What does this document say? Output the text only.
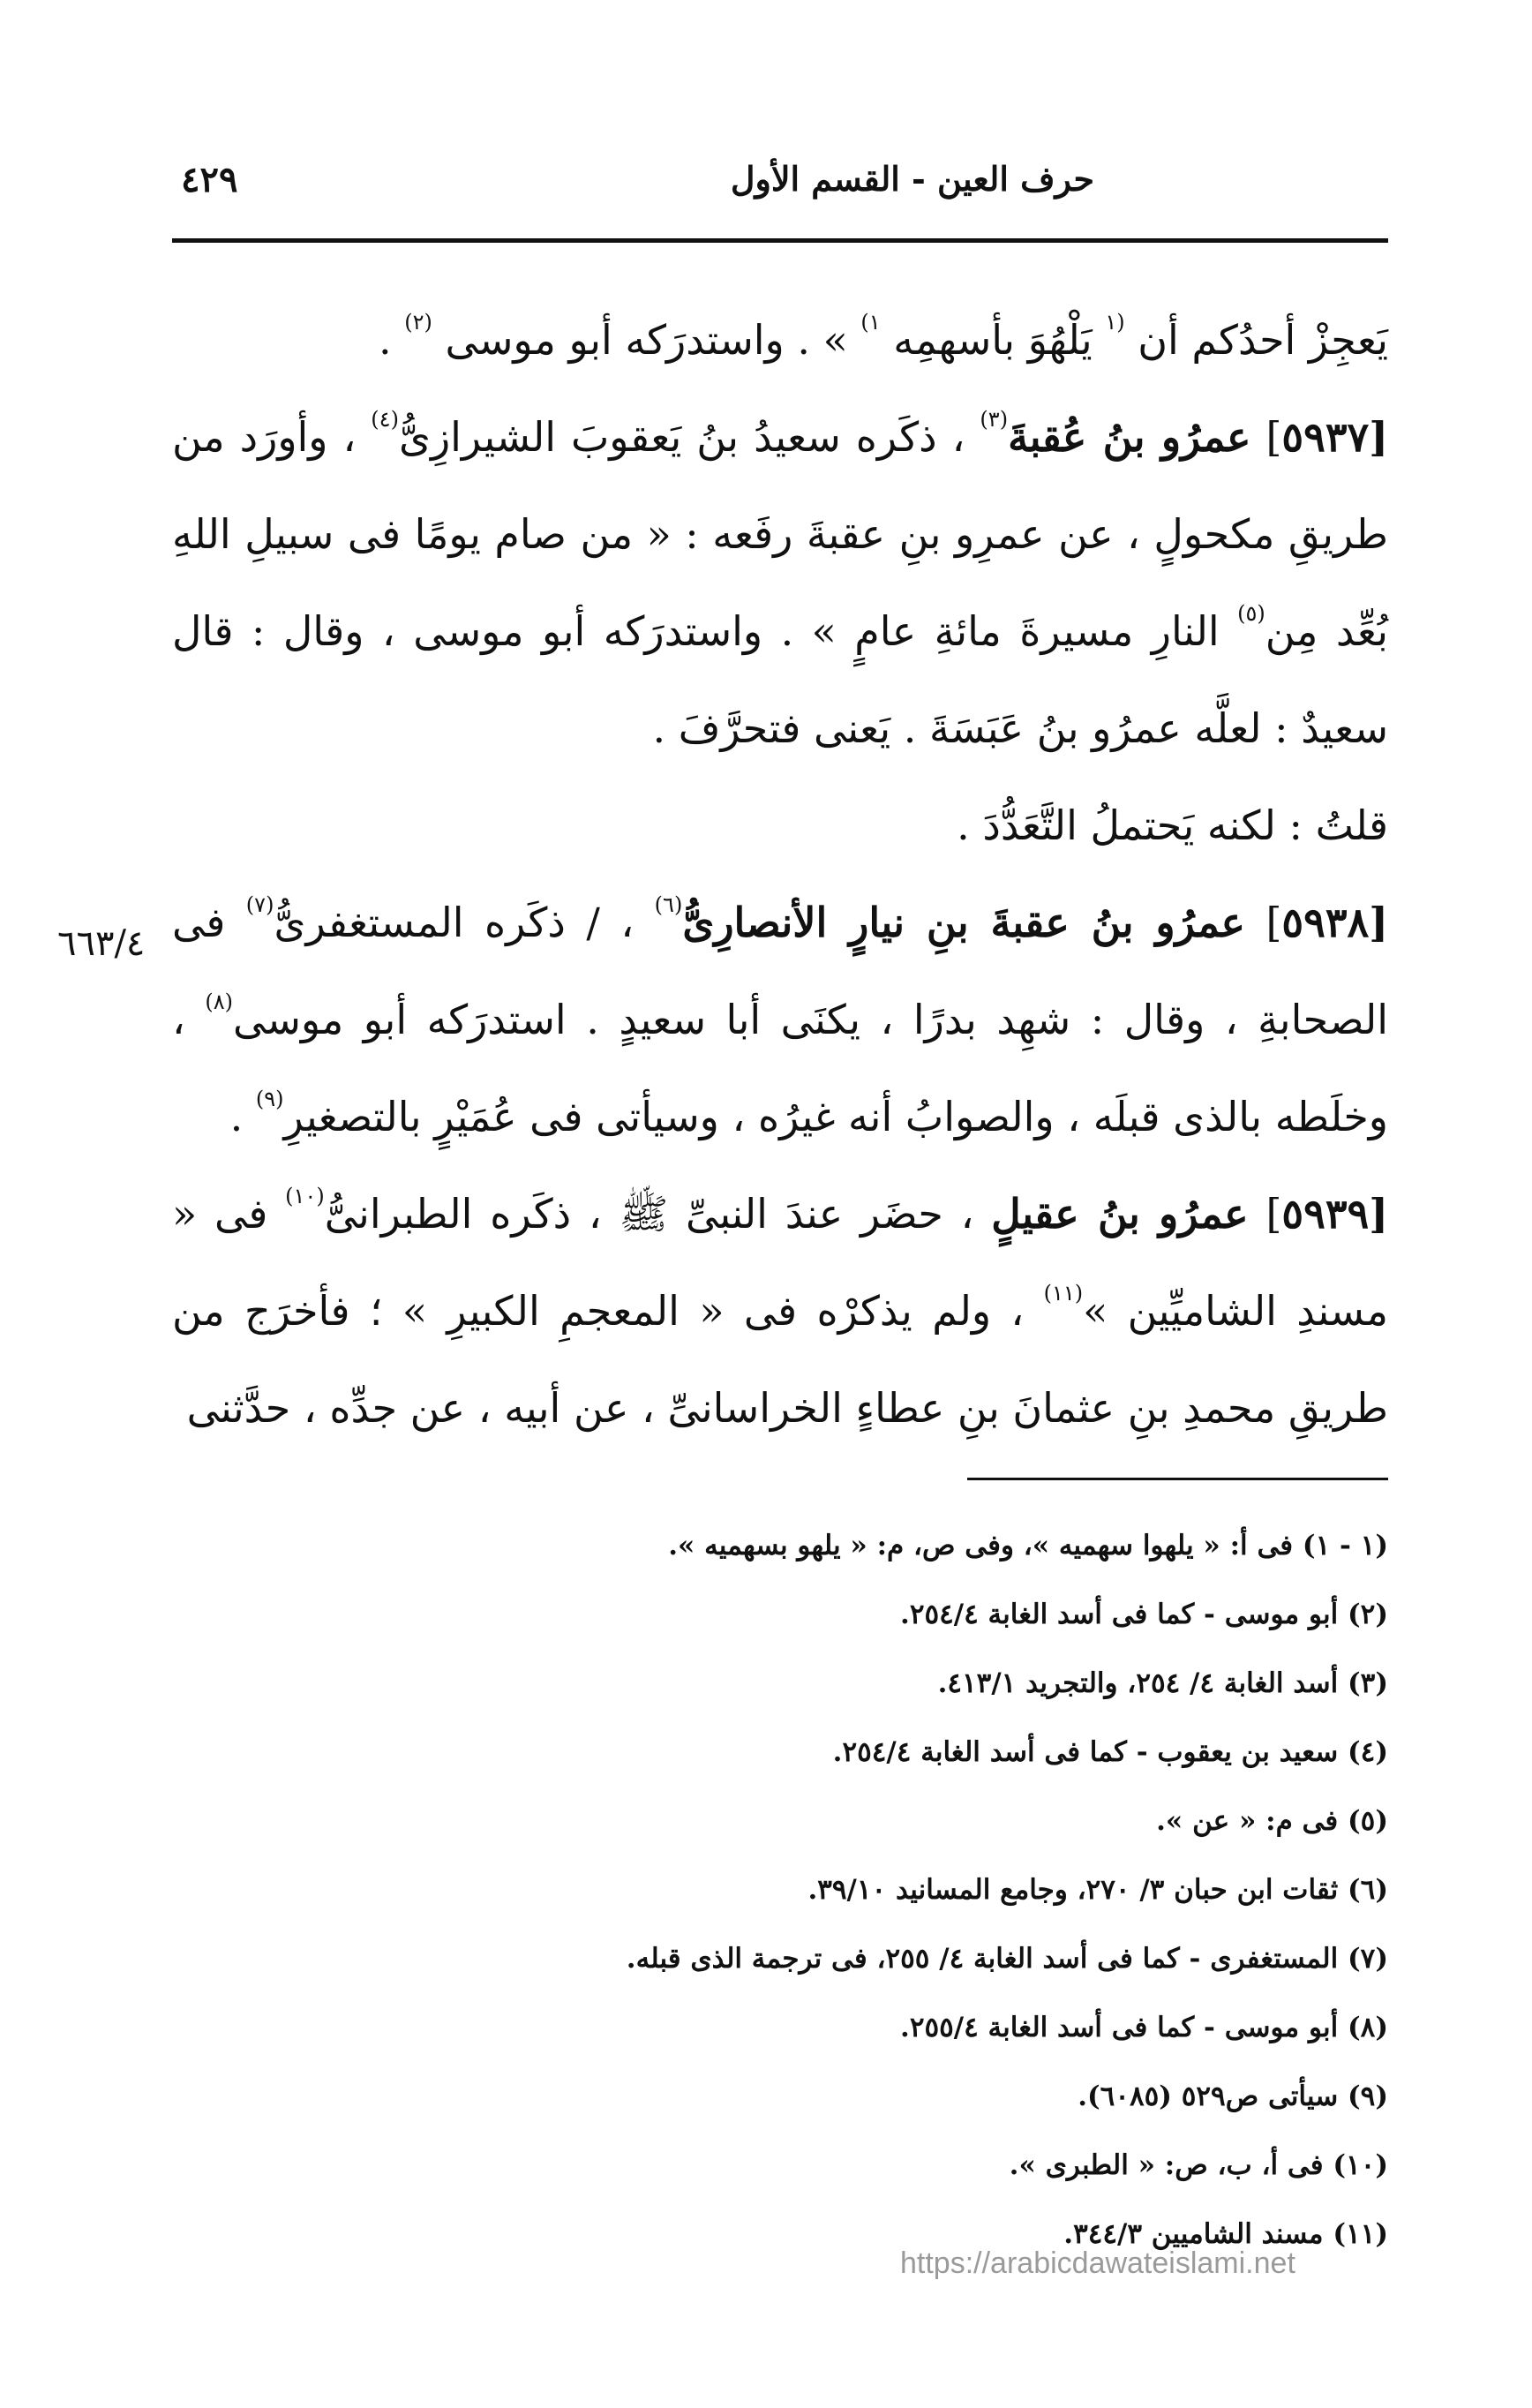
حرف العين - القسم الأول
٤٢٩
٦٦٣/٤

يَعجِزْ أحدُكم أن $^{(١}$ يَلْهُوَ بأسهمِه $^{١)}$ » . واستدرَكه أبو موسى $^{(٢)}$ .

[٥٩٣٧] عمرُو بنُ عُقبةَ$^{(٣)}$ ، ذكَره سعيدُ بنُ يَعقوبَ الشيرازِىُّ$^{(٤)}$ ، وأورَد من طريقِ مكحولٍ ، عن عمرِو بنِ عقبةَ رفَعه : « من صام يومًا فى سبيلِ اللهِ بُعِّد مِن$^{(٥)}$ النارِ مسيرةَ مائةِ عامٍ » . واستدرَكه أبو موسى ، وقال : قال سعيدٌ : لعلَّه عمرُو بنُ عَبَسَةَ . يَعنى فتحرَّفَ .

قلتُ : لكنه يَحتملُ التَّعَدُّدَ .

[٥٩٣٨] عمرُو بنُ عقبةَ بنِ نيارٍ الأنصارِىُّ$^{(٦)}$ ، / ذكَره المستغفرىُّ$^{(٧)}$ فى الصحابةِ ، وقال : شهِد بدرًا ، يكنَى أبا سعيدٍ . استدرَكه أبو موسى$^{(٨)}$ ، وخلَطه بالذى قبلَه ، والصوابُ أنه غيرُه ، وسيأتى فى عُمَيْرٍ بالتصغيرِ$^{(٩)}$ .

[٥٩٣٩] عمرُو بنُ عقيلٍ ، حضَر عندَ النبىِّ ﷺ ، ذكَره الطبرانىُّ$^{(١٠)}$ فى « مسندِ الشاميِّين »$^{(١١)}$ ، ولم يذكرْه فى « المعجمِ الكبيرِ » ؛ فأخرَج من طريقِ محمدِ بنِ عثمانَ بنِ عطاءٍ الخراسانىِّ ، عن أبيه ، عن جدِّه ، حدَّثنى

(١ - ١) فى أ: « يلهوا سهميه »، وفى ص، م: « يلهو بسهميه ».
(٢) أبو موسى - كما فى أسد الغابة ٢٥٤/٤.
(٣) أسد الغابة ٤/ ٢٥٤، والتجريد ٤١٣/١.
(٤) سعيد بن يعقوب - كما فى أسد الغابة ٢٥٤/٤.
(٥) فى م: « عن ».
(٦) ثقات ابن حبان ٣/ ٢٧٠، وجامع المسانيد ٣٩/١٠.
(٧) المستغفرى - كما فى أسد الغابة ٤/ ٢٥٥، فى ترجمة الذى قبله.
(٨) أبو موسى - كما فى أسد الغابة ٢٥٥/٤.
(٩) سيأتى ص٥٢٩ (٦٠٨٥).
(١٠) فى أ، ب، ص: « الطبرى ».
(١١) مسند الشاميين ٣٤٤/٣.
https://arabicdawateislami.net
